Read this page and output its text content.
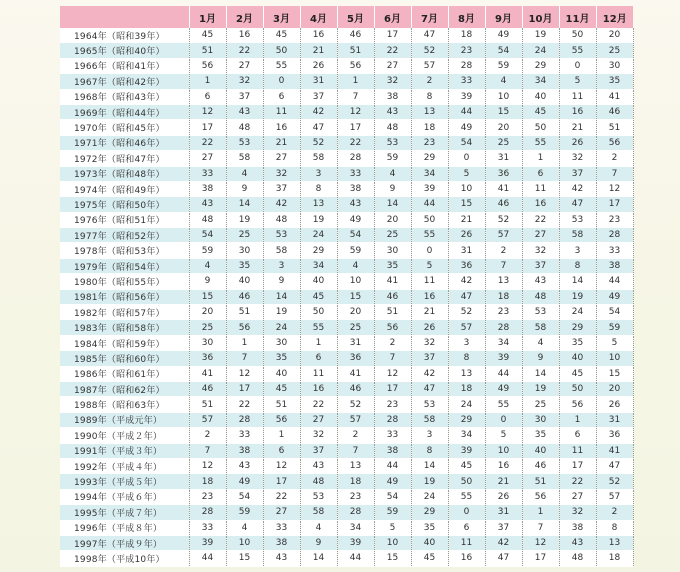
	1月	2月	3月	4月	5月	6月	7月	8月	9月	10月	11月	12月
1964年（昭和39年）	45	16	45	16	46	17	47	18	49	19	50	20
1965年（昭和40年）	51	22	50	21	51	22	52	23	54	24	55	25
1966年（昭和41年）	56	27	55	26	56	27	57	28	59	29	0	30
1967年（昭和42年）	1	32	0	31	1	32	2	33	4	34	5	35
1968年（昭和43年）	6	37	6	37	7	38	8	39	10	40	11	41
1969年（昭和44年）	12	43	11	42	12	43	13	44	15	45	16	46
1970年（昭和45年）	17	48	16	47	17	48	18	49	20	50	21	51
1971年（昭和46年）	22	53	21	52	22	53	23	54	25	55	26	56
1972年（昭和47年）	27	58	27	58	28	59	29	0	31	1	32	2
1973年（昭和48年）	33	4	32	3	33	4	34	5	36	6	37	7
1974年（昭和49年）	38	9	37	8	38	9	39	10	41	11	42	12
1975年（昭和50年）	43	14	42	13	43	14	44	15	46	16	47	17
1976年（昭和51年）	48	19	48	19	49	20	50	21	52	22	53	23
1977年（昭和52年）	54	25	53	24	54	25	55	26	57	27	58	28
1978年（昭和53年）	59	30	58	29	59	30	0	31	2	32	3	33
1979年（昭和54年）	4	35	3	34	4	35	5	36	7	37	8	38
1980年（昭和55年）	9	40	9	40	10	41	11	42	13	43	14	44
1981年（昭和56年）	15	46	14	45	15	46	16	47	18	48	19	49
1982年（昭和57年）	20	51	19	50	20	51	21	52	23	53	24	54
1983年（昭和58年）	25	56	24	55	25	56	26	57	28	58	29	59
1984年（昭和59年）	30	1	30	1	31	2	32	3	34	4	35	5
1985年（昭和60年）	36	7	35	6	36	7	37	8	39	9	40	10
1986年（昭和61年）	41	12	40	11	41	12	42	13	44	14	45	15
1987年（昭和62年）	46	17	45	16	46	17	47	18	49	19	50	20
1988年（昭和63年）	51	22	51	22	52	23	53	24	55	25	56	26
1989年（平成元年）	57	28	56	27	57	28	58	29	0	30	1	31
1990年（平成２年）	2	33	1	32	2	33	3	34	5	35	6	36
1991年（平成３年）	7	38	6	37	7	38	8	39	10	40	11	41
1992年（平成４年）	12	43	12	43	13	44	14	45	16	46	17	47
1993年（平成５年）	18	49	17	48	18	49	19	50	21	51	22	52
1994年（平成６年）	23	54	22	53	23	54	24	55	26	56	27	57
1995年（平成７年）	28	59	27	58	28	59	29	0	31	1	32	2
1996年（平成８年）	33	4	33	4	34	5	35	6	37	7	38	8
1997年（平成９年）	39	10	38	9	39	10	40	11	42	12	43	13
1998年（平成10年）	44	15	43	14	44	15	45	16	47	17	48	18
